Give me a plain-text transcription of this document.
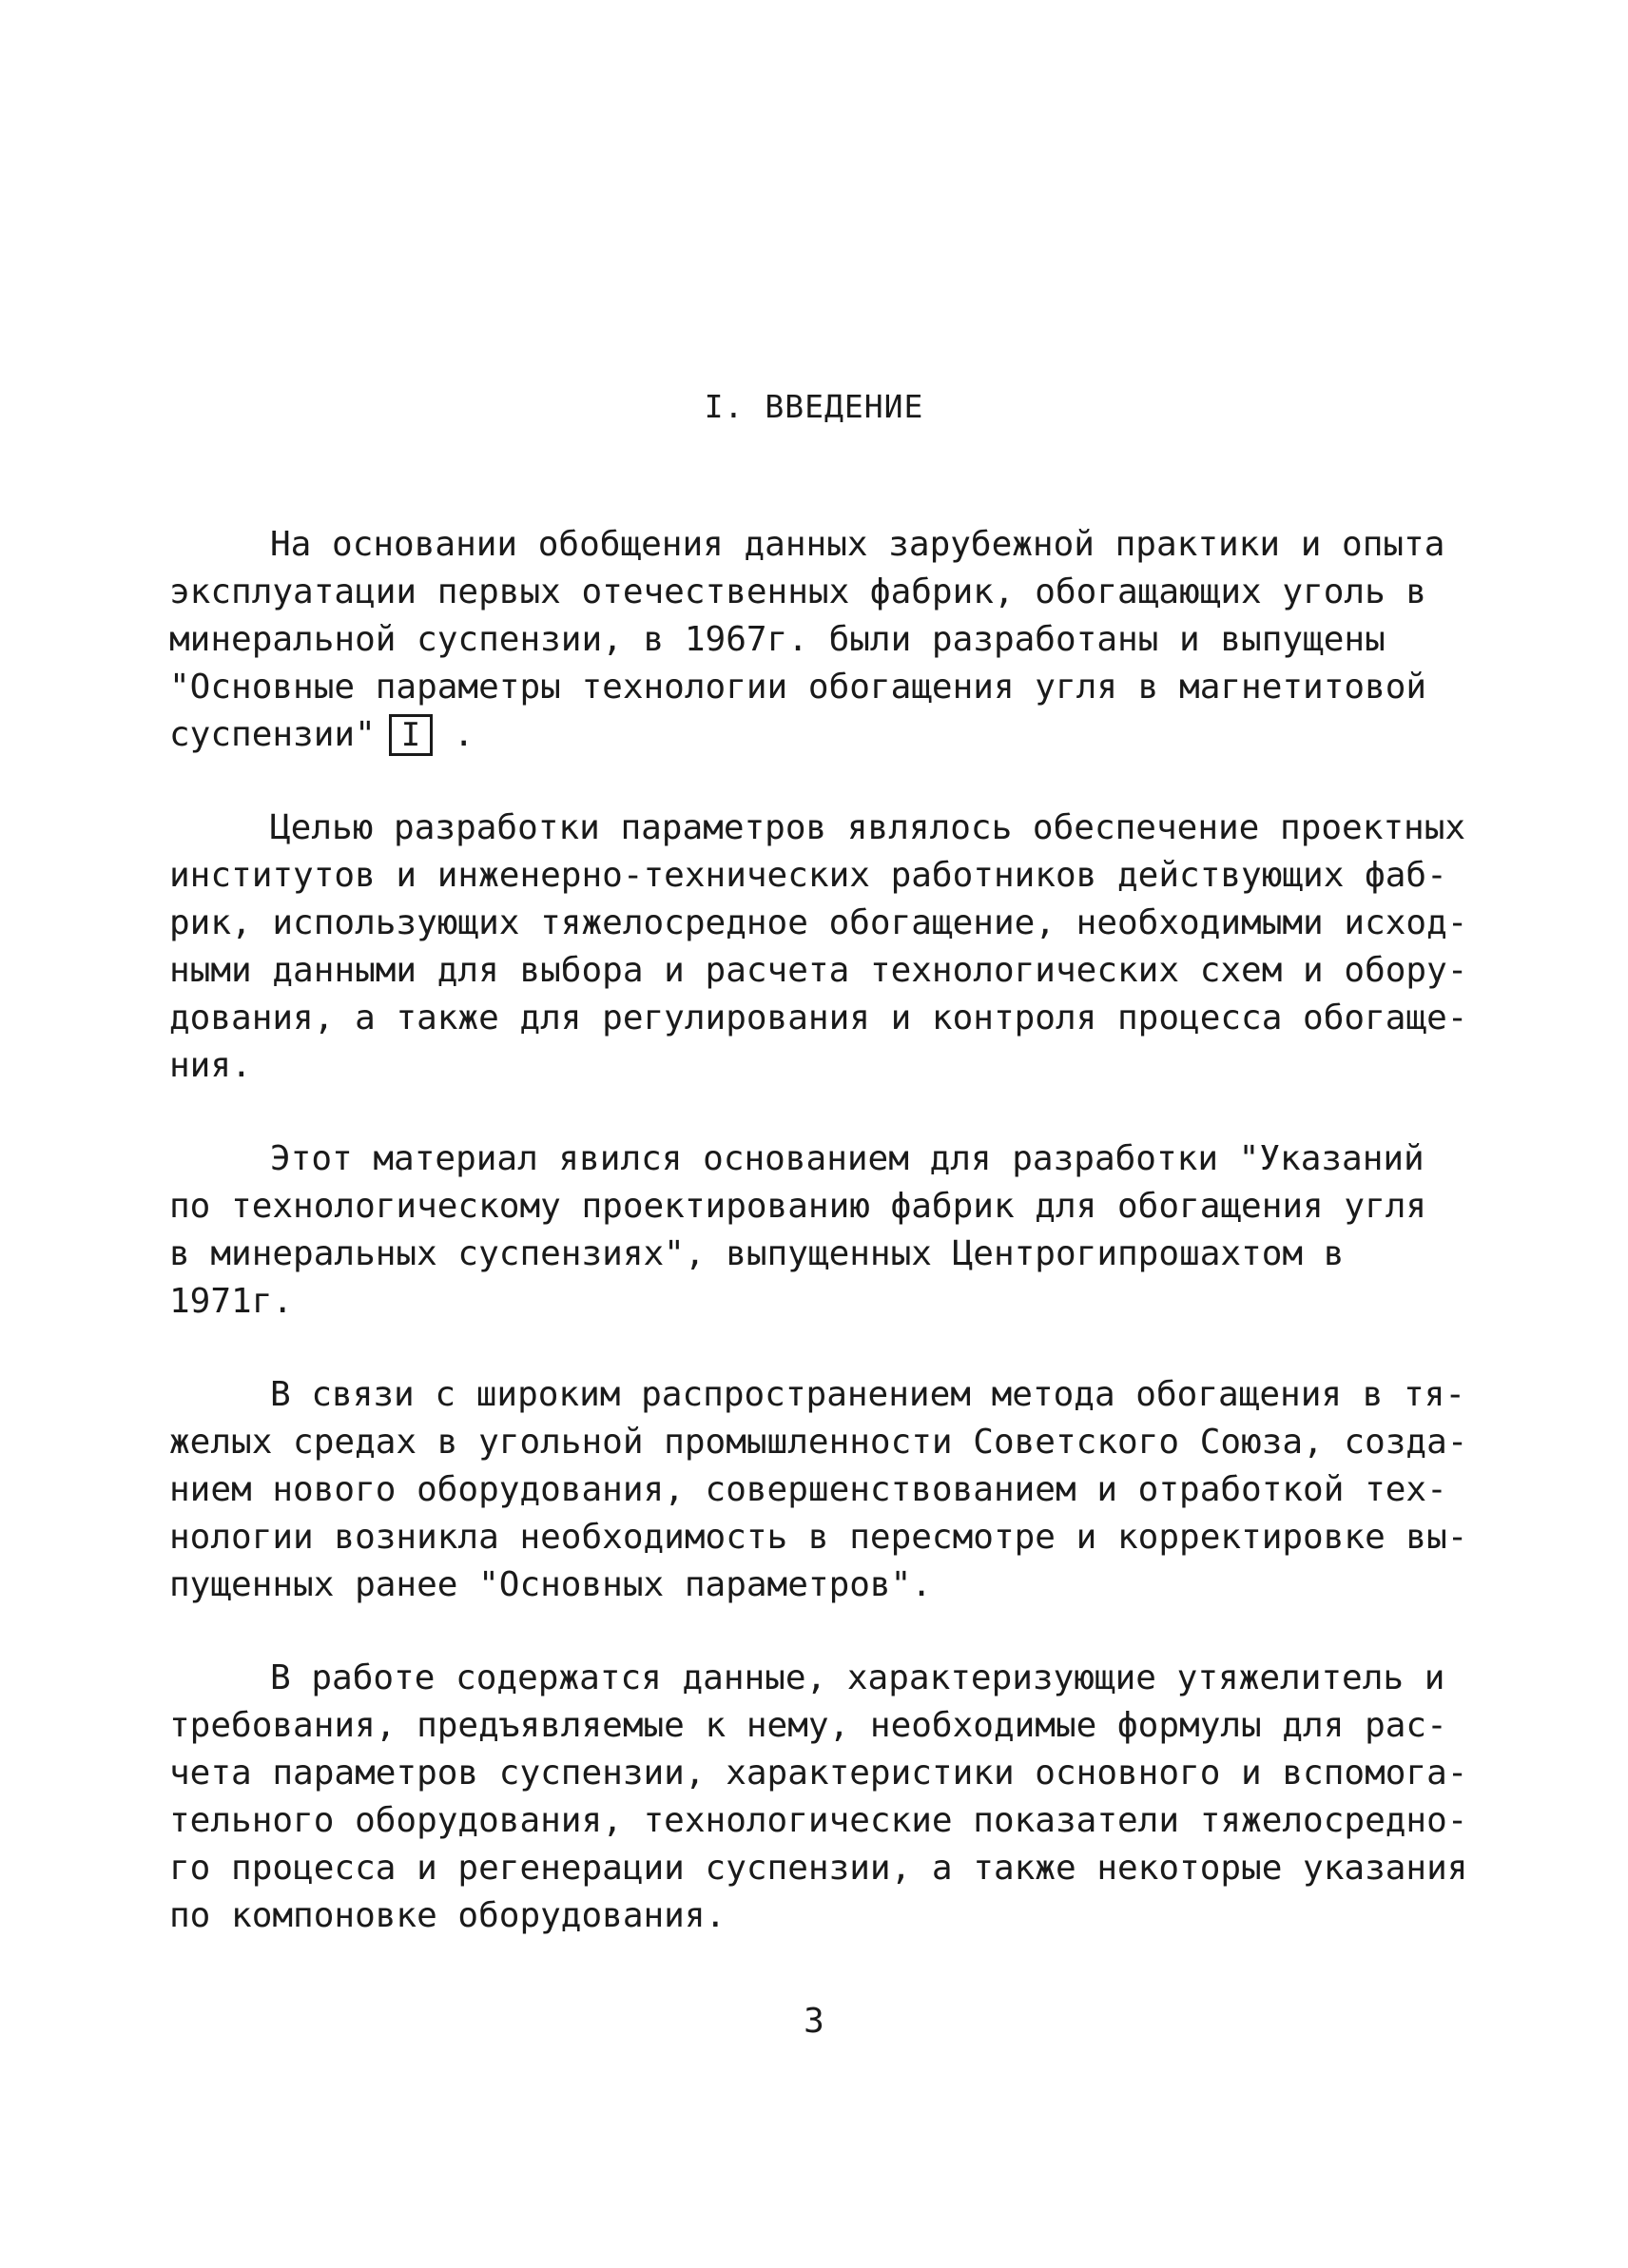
I. ВВЕДЕНИЕ
На основании обобщения данных зарубежной практики и опыта
эксплуатации первых отечественных фабрик, обогащающих уголь в
минеральной суспензии, в 1967г. были разработаны и выпущены
"Основные параметры технологии обогащения угля в магнетитовой
суспензии" I .
Целью разработки параметров являлось обеспечение проектных
институтов и инженерно-технических работников действующих фаб-
рик, использующих тяжелосредное обогащение, необходимыми исход-
ными данными для выбора и расчета технологических схем и обору-
дования, а также для регулирования и контроля процесса обогаще-
ния.
Этот материал явился основанием для разработки "Указаний
по технологическому проектированию фабрик для обогащения угля
в минеральных суспензиях", выпущенных Центрогипрошахтом в
1971г.
В связи с широким распространением метода обогащения в тя-
желых средах в угольной промышленности Советского Союза, созда-
нием нового оборудования, совершенствованием и отработкой тех-
нологии возникла необходимость в пересмотре и корректировке вы-
пущенных ранее "Основных параметров".
В работе содержатся данные, характеризующие утяжелитель и
требования, предъявляемые к нему, необходимые формулы для рас-
чета параметров суспензии, характеристики основного и вспомога-
тельного оборудования, технологические показатели тяжелосредно-
го процесса и регенерации суспензии, а также некоторые указания
по компоновке оборудования.
3
